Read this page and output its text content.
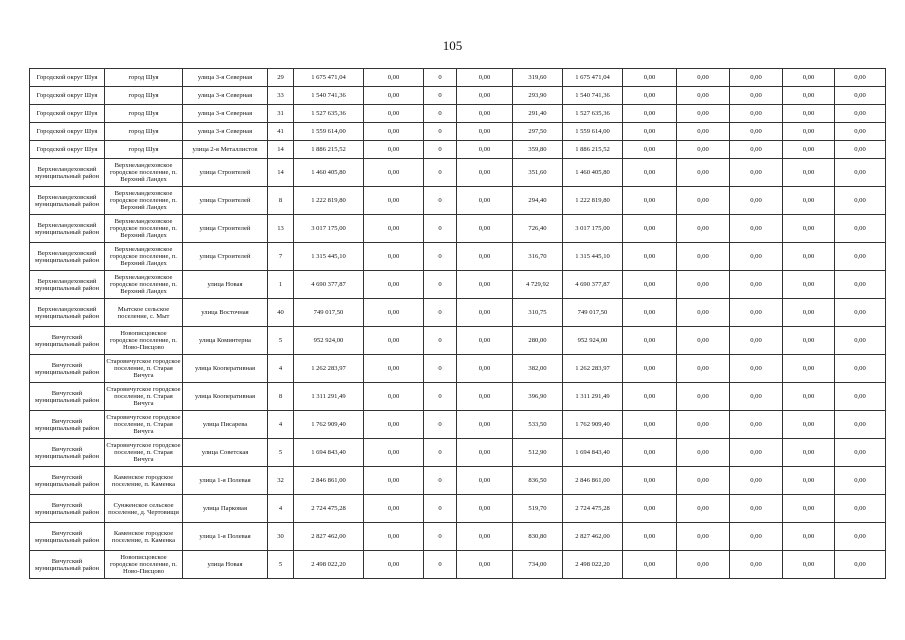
105
Городской округ Шуя	город Шуя	улица 3-я Северная	29	1 675 471,04	0,00	0	0,00	319,60	1 675 471,04	0,00	0,00	0,00	0,00	0,00
Городской округ Шуя	город Шуя	улица 3-я Северная	33	1 540 741,36	0,00	0	0,00	293,90	1 540 741,36	0,00	0,00	0,00	0,00	0,00
Городской округ Шуя	город Шуя	улица 3-я Северная	31	1 527 635,36	0,00	0	0,00	291,40	1 527 635,36	0,00	0,00	0,00	0,00	0,00
Городской округ Шуя	город Шуя	улица 3-я Северная	41	1 559 614,00	0,00	0	0,00	297,50	1 559 614,00	0,00	0,00	0,00	0,00	0,00
Городской округ Шуя	город Шуя	улица 2-я Металлистов	14	1 886 215,52	0,00	0	0,00	359,80	1 886 215,52	0,00	0,00	0,00	0,00	0,00
Верхнеландеховский муниципальный район	Верхнеландеховское городское поселение, п. Верхний Ландех	улица Строителей	14	1 460 405,80	0,00	0	0,00	351,60	1 460 405,80	0,00	0,00	0,00	0,00	0,00
Верхнеландеховский муниципальный район	Верхнеландеховское городское поселение, п. Верхний Ландех	улица Строителей	8	1 222 819,80	0,00	0	0,00	294,40	1 222 819,80	0,00	0,00	0,00	0,00	0,00
Верхнеландеховский муниципальный район	Верхнеландеховское городское поселение, п. Верхний Ландех	улица Строителей	13	3 017 175,00	0,00	0	0,00	726,40	3 017 175,00	0,00	0,00	0,00	0,00	0,00
Верхнеландеховский муниципальный район	Верхнеландеховское городское поселение, п. Верхний Ландех	улица Строителей	7	1 315 445,10	0,00	0	0,00	316,70	1 315 445,10	0,00	0,00	0,00	0,00	0,00
Верхнеландеховский муниципальный район	Верхнеландеховское городское поселение, п. Верхний Ландех	улица Новая	1	4 690 377,87	0,00	0	0,00	4 729,92	4 690 377,87	0,00	0,00	0,00	0,00	0,00
Верхнеландеховский муниципальный район	Мытское сельское поселение, с. Мыт	улица Восточная	40	749 017,50	0,00	0	0,00	310,75	749 017,50	0,00	0,00	0,00	0,00	0,00
Вичугский муниципальный район	Новописцовское городское поселение, п. Ново-Писцово	улица Коминтерна	5	952 924,00	0,00	0	0,00	280,00	952 924,00	0,00	0,00	0,00	0,00	0,00
Вичугский муниципальный район	Старовичугское городское поселение, п. Старая Вичуга	улица Кооперативная	4	1 262 283,97	0,00	0	0,00	382,00	1 262 283,97	0,00	0,00	0,00	0,00	0,00
Вичугский муниципальный район	Старовичугское городское поселение, п. Старая Вичуга	улица Кооперативная	8	1 311 291,49	0,00	0	0,00	396,90	1 311 291,49	0,00	0,00	0,00	0,00	0,00
Вичугский муниципальный район	Старовичугское городское поселение, п. Старая Вичуга	улица Писарева	4	1 762 909,40	0,00	0	0,00	533,50	1 762 909,40	0,00	0,00	0,00	0,00	0,00
Вичугский муниципальный район	Старовичугское городское поселение, п. Старая Вичуга	улица Советская	5	1 694 843,40	0,00	0	0,00	512,90	1 694 843,40	0,00	0,00	0,00	0,00	0,00
Вичугский муниципальный район	Каменское городское поселение, п. Каменка	улица 1-я Полевая	32	2 846 861,00	0,00	0	0,00	836,50	2 846 861,00	0,00	0,00	0,00	0,00	0,00
Вичугский муниципальный район	Сунженское сельское поселение, д. Чертовищи	улица Парковая	4	2 724 475,28	0,00	0	0,00	519,70	2 724 475,28	0,00	0,00	0,00	0,00	0,00
Вичугский муниципальный район	Каменское городское поселение, п. Каменка	улица 1-я Полевая	30	2 827 462,00	0,00	0	0,00	830,80	2 827 462,00	0,00	0,00	0,00	0,00	0,00
Вичугский муниципальный район	Новописцовское городское поселение, п. Ново-Писцово	улица Новая	5	2 498 022,20	0,00	0	0,00	734,00	2 498 022,20	0,00	0,00	0,00	0,00	0,00
